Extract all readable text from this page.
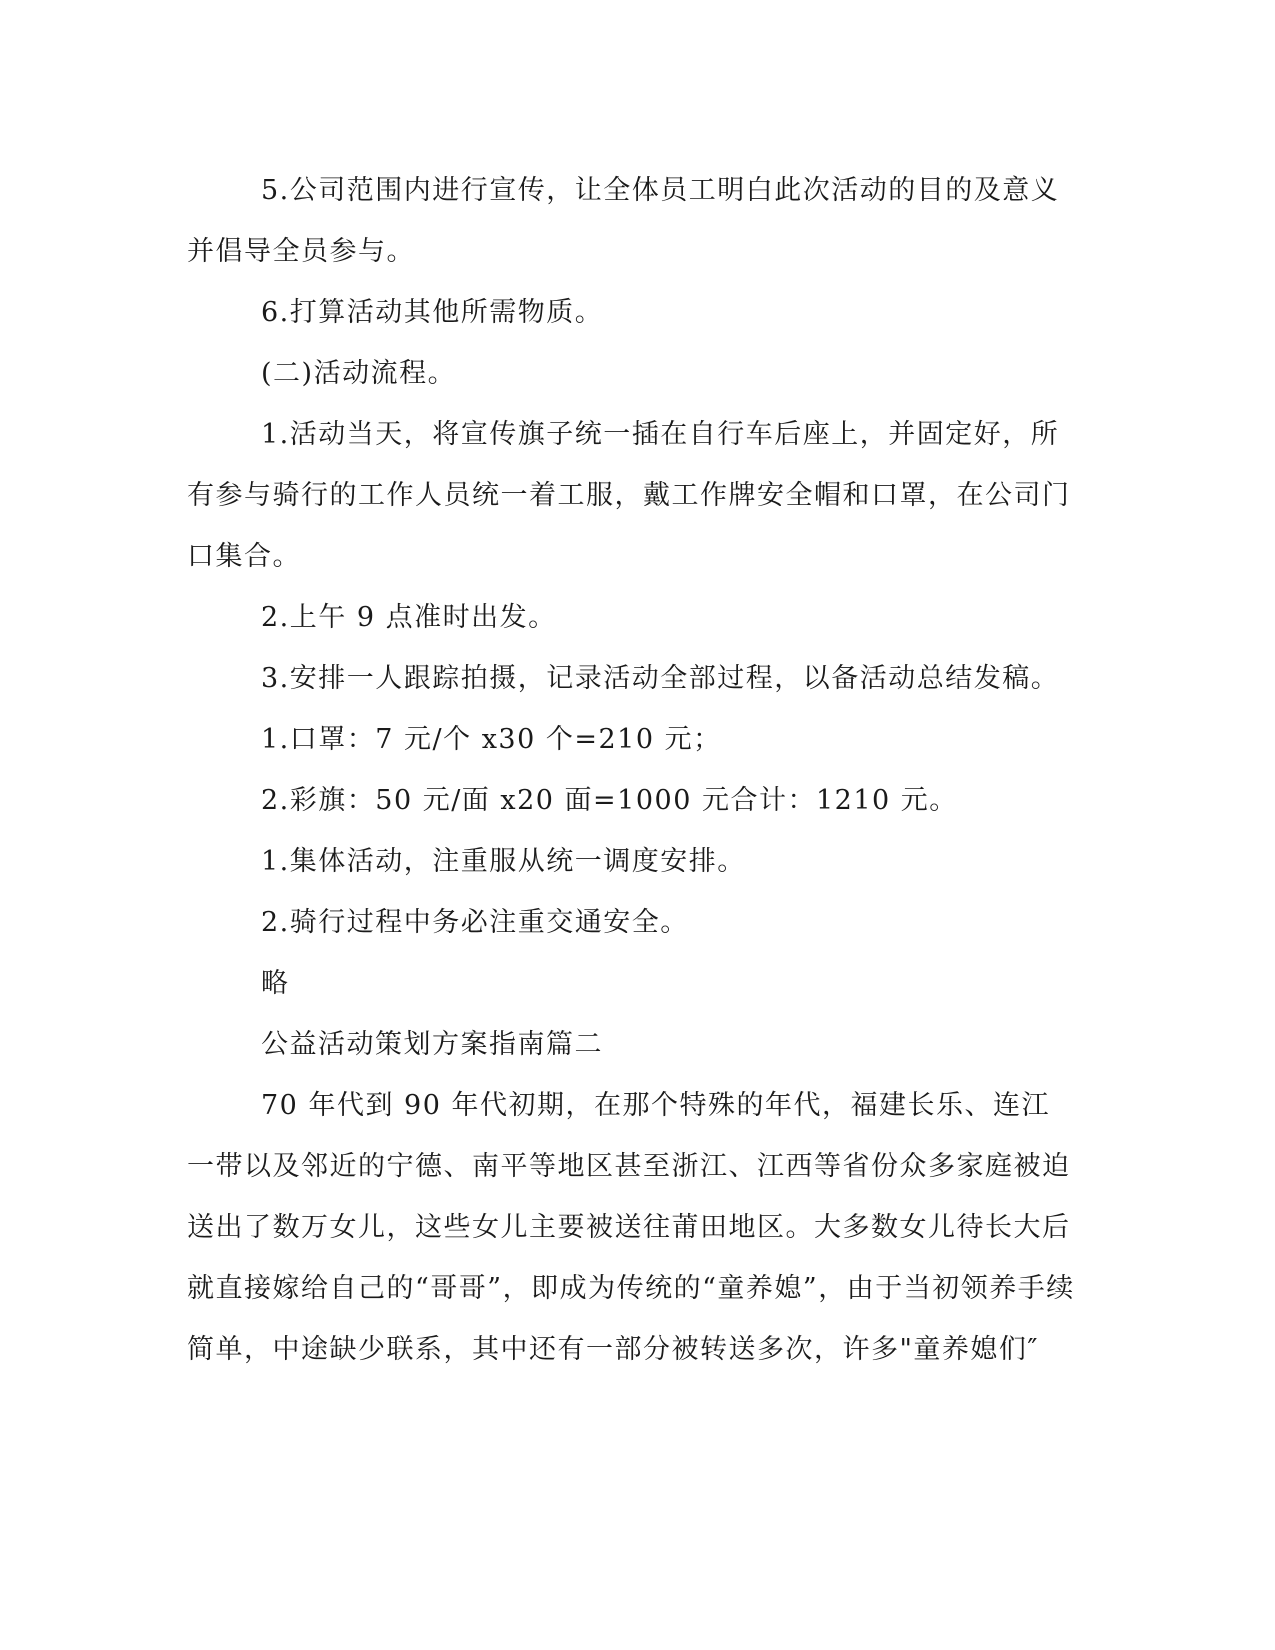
5.公司范围内进行宣传，让全体员工明白此次活动的目的及意义并倡导全员参与。

6.打算活动其他所需物质。

(二)活动流程。

1.活动当天，将宣传旗子统一插在自行车后座上，并固定好，所有参与骑行的工作人员统一着工服，戴工作牌安全帽和口罩，在公司门口集合。

2.上午 9 点准时出发。

3.安排一人跟踪拍摄，记录活动全部过程，以备活动总结发稿。

1.口罩：7 元/个 x30 个=210 元；

2.彩旗：50 元/面 x20 面=1000 元合计：1210 元。

1.集体活动，注重服从统一调度安排。

2.骑行过程中务必注重交通安全。

略

公益活动策划方案指南篇二

70 年代到 90 年代初期，在那个特殊的年代，福建长乐、连江一带以及邻近的宁德、南平等地区甚至浙江、江西等省份众多家庭被迫送出了数万女儿，这些女儿主要被送往莆田地区。大多数女儿待长大后就直接嫁给自己的“哥哥”，即成为传统的“童养媳”，由于当初领养手续简单，中途缺少联系，其中还有一部分被转送多次，许多"童养媳们″
